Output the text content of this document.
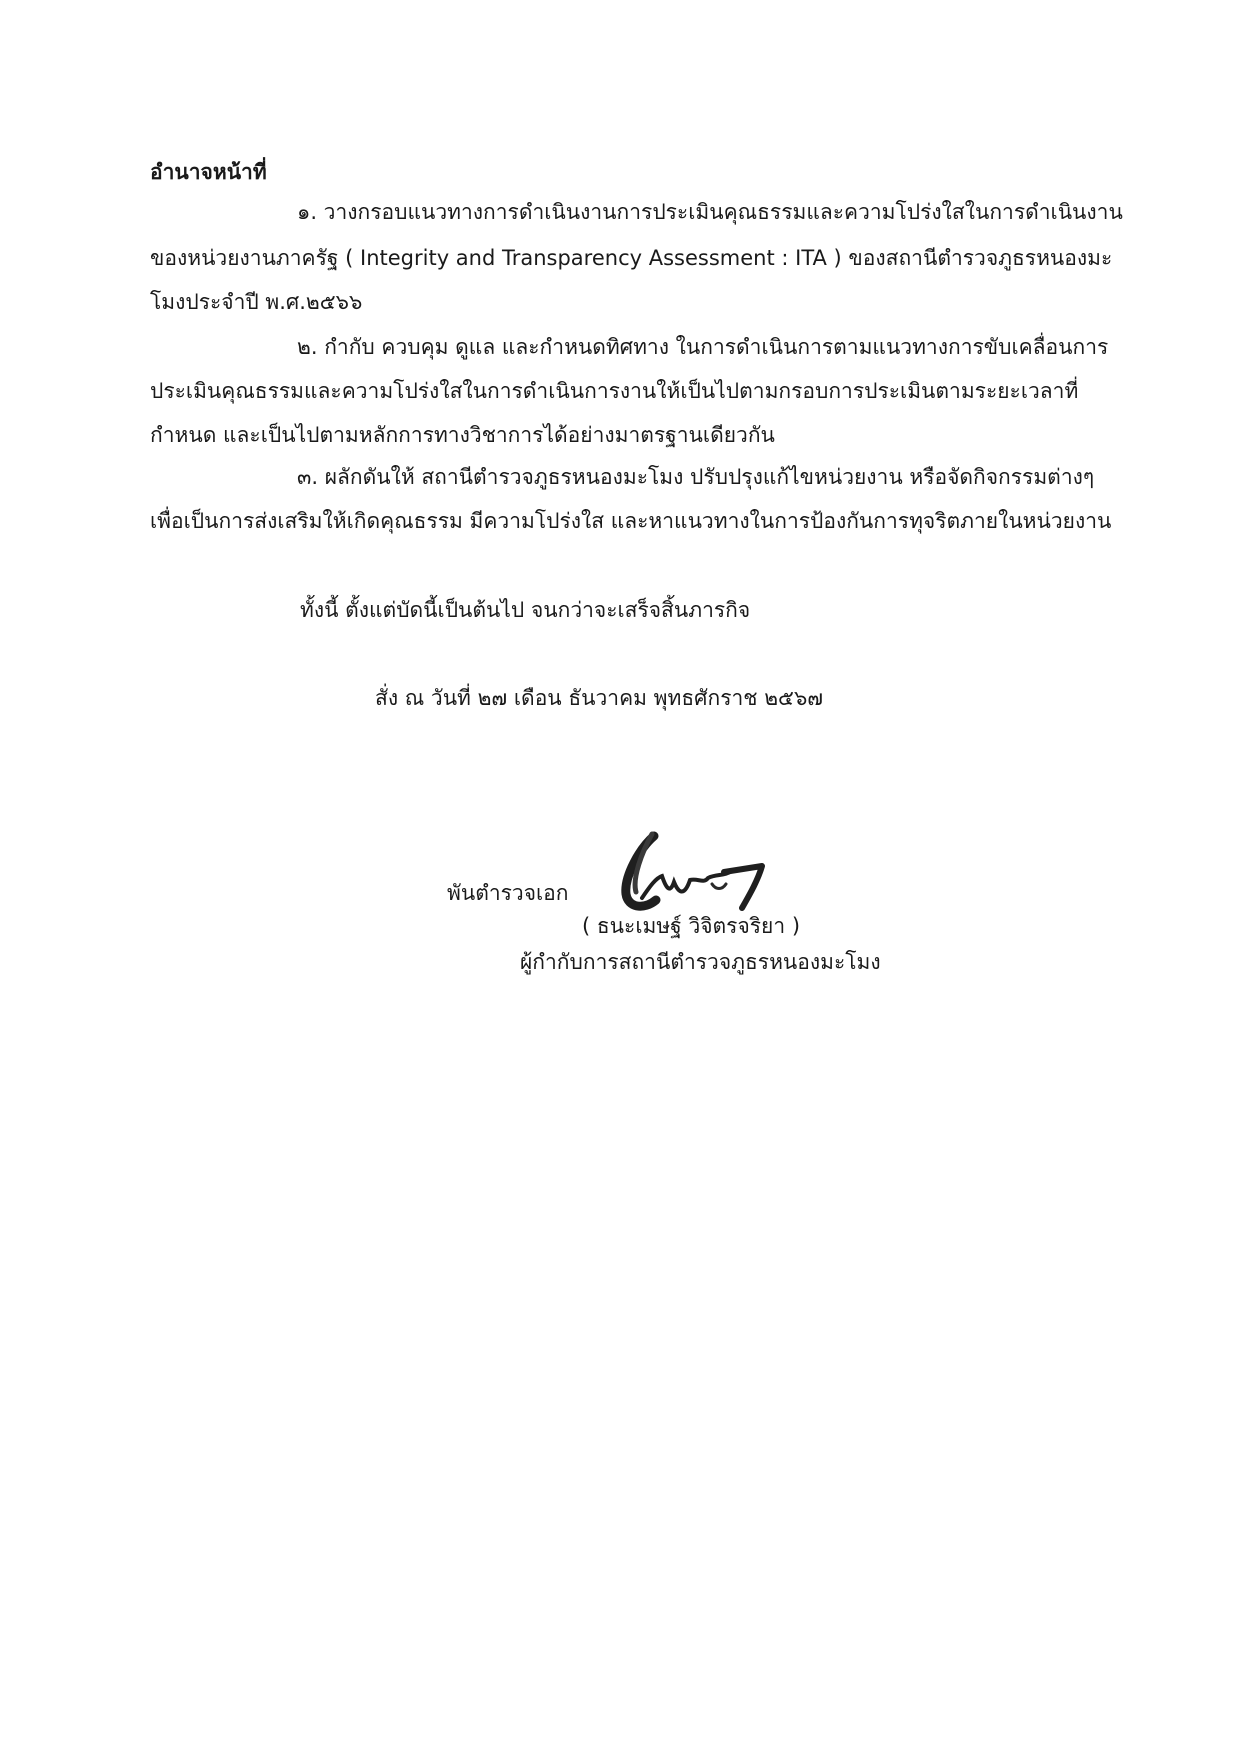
อำนาจหน้าที่
๑. วางกรอบแนวทางการดำเนินงานการประเมินคุณธรรมและความโปร่งใสในการดำเนินงาน
ของหน่วยงานภาครัฐ ( Integrity and Transparency Assessment : ITA ) ของสถานีตำรวจภูธรหนองมะ
โมงประจำปี พ.ศ.๒๕๖๖
๒. กำกับ ควบคุม ดูแล และกำหนดทิศทาง ในการดำเนินการตามแนวทางการขับเคลื่อนการ
ประเมินคุณธรรมและความโปร่งใสในการดำเนินการงานให้เป็นไปตามกรอบการประเมินตามระยะเวลาที่
กำหนด และเป็นไปตามหลักการทางวิชาการได้อย่างมาตรฐานเดียวกัน
๓. ผลักดันให้ สถานีตำรวจภูธรหนองมะโมง ปรับปรุงแก้ไขหน่วยงาน หรือจัดกิจกรรมต่างๆ
เพื่อเป็นการส่งเสริมให้เกิดคุณธรรม มีความโปร่งใส และหาแนวทางในการป้องกันการทุจริตภายในหน่วยงาน
ทั้งนี้ ตั้งแต่บัดนี้เป็นต้นไป จนกว่าจะเสร็จสิ้นภารกิจ
สั่ง ณ วันที่ ๒๗ เดือน ธันวาคม พุทธศักราช ๒๕๖๗
พันตำรวจเอก
( ธนะเมษฐ์ วิจิตรจริยา )
ผู้กำกับการสถานีตำรวจภูธรหนองมะโมง
